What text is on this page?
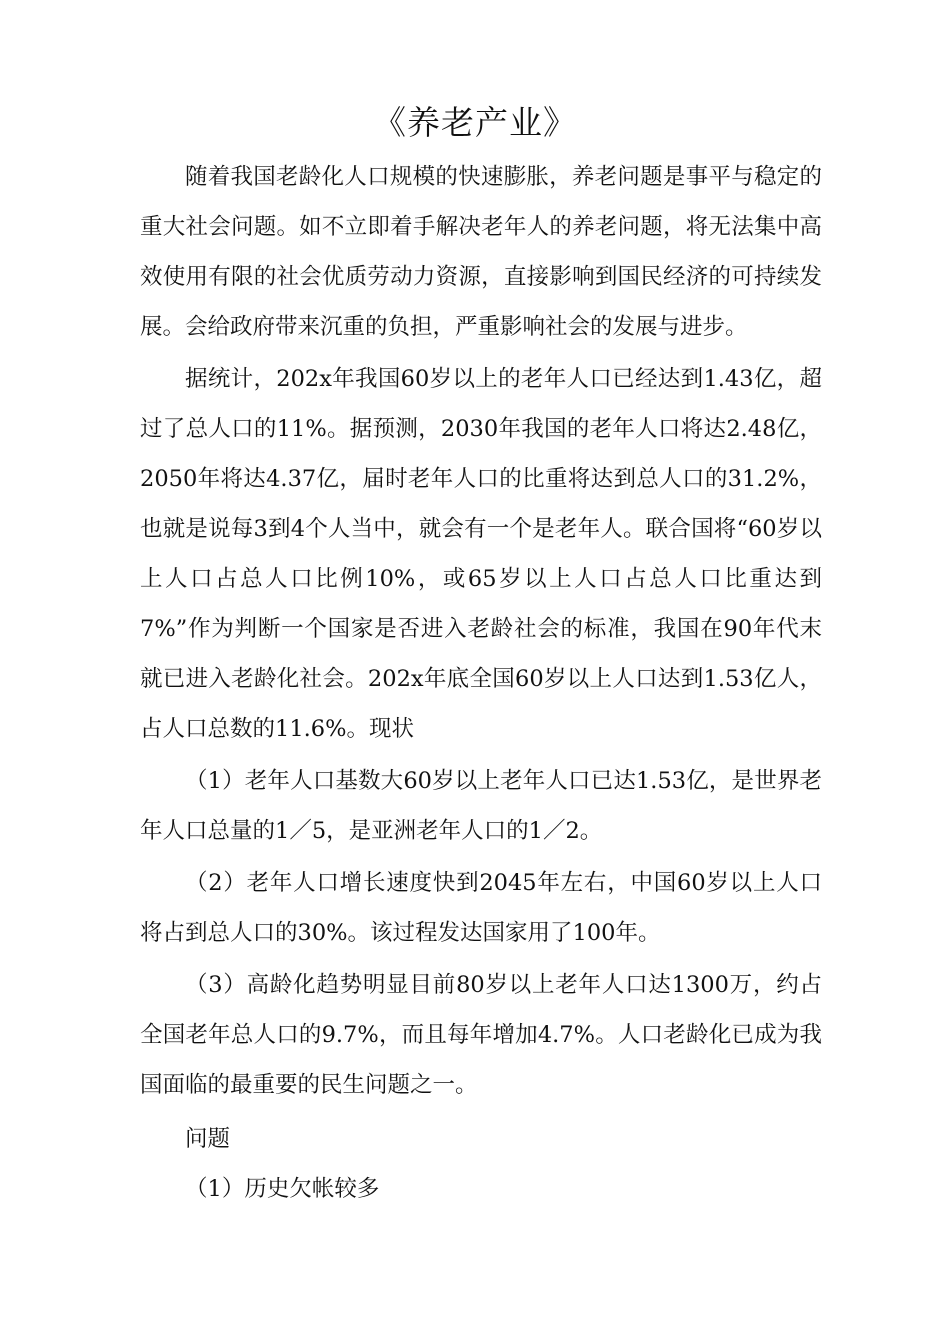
《养老产业》

随着我国老龄化人口规模的快速膨胀，养老问题是事平与稳定的重大社会问题。如不立即着手解决老年人的养老问题，将无法集中高效使用有限的社会优质劳动力资源，直接影响到国民经济的可持续发展。会给政府带来沉重的负担，严重影响社会的发展与进步。

据统计，202x年我国60岁以上的老年人口已经达到1.43亿，超过了总人口的11%。据预测，2030年我国的老年人口将达2.48亿，2050年将达4.37亿，届时老年人口的比重将达到总人口的31.2%，也就是说每3到4个人当中，就会有一个是老年人。联合国将“60岁以上人口占总人口比例10%，或65岁以上人口占总人口比重达到7%”作为判断一个国家是否进入老龄社会的标准，我国在90年代末就已进入老龄化社会。202x年底全国60岁以上人口达到1.53亿人，占人口总数的11.6%。现状

（1）老年人口基数大60岁以上老年人口已达1.53亿，是世界老年人口总量的1／5，是亚洲老年人口的1／2。

（2）老年人口增长速度快到2045年左右，中国60岁以上人口将占到总人口的30%。该过程发达国家用了100年。

（3）高龄化趋势明显目前80岁以上老年人口达1300万，约占全国老年总人口的9.7%，而且每年增加4.7%。人口老龄化已成为我国面临的最重要的民生问题之一。

问题

（1）历史欠帐较多
